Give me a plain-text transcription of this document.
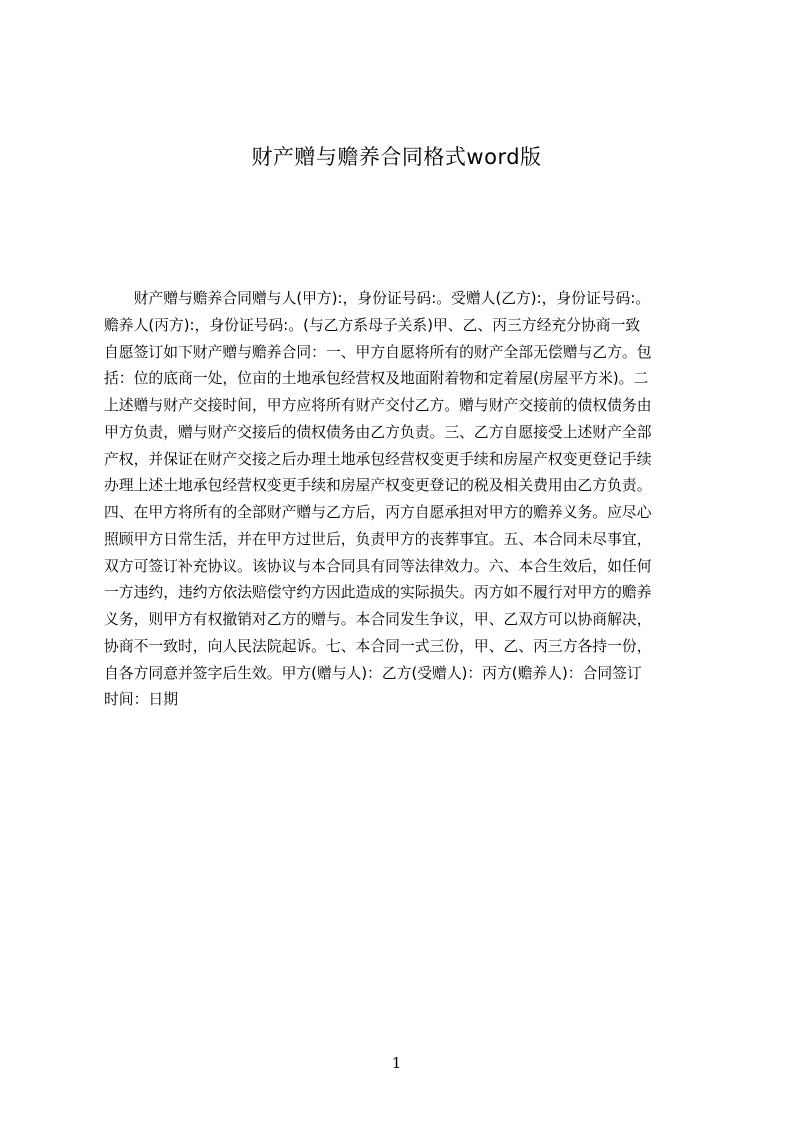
财产赠与赡养合同格式word版
　　财产赠与赡养合同赠与人(甲方):，身份证号码:。受赠人(乙方):，身份证号码:。
赡养人(丙方):，身份证号码:。(与乙方系母子关系)甲、乙、丙三方经充分协商一致
自愿签订如下财产赠与赡养合同：一、甲方自愿将所有的财产全部无偿赠与乙方。包
括：位的底商一处，位亩的土地承包经营权及地面附着物和定着屋(房屋平方米)。二
上述赠与财产交接时间，甲方应将所有财产交付乙方。赠与财产交接前的债权债务由
甲方负责，赠与财产交接后的债权债务由乙方负责。三、乙方自愿接受上述财产全部
产权，并保证在财产交接之后办理土地承包经营权变更手续和房屋产权变更登记手续
办理上述土地承包经营权变更手续和房屋产权变更登记的税及相关费用由乙方负责。
四、在甲方将所有的全部财产赠与乙方后，丙方自愿承担对甲方的赡养义务。应尽心
照顾甲方日常生活，并在甲方过世后，负责甲方的丧葬事宜。五、本合同未尽事宜，
双方可签订补充协议。该协议与本合同具有同等法律效力。六、本合生效后，如任何
一方违约，违约方依法赔偿守约方因此造成的实际损失。丙方如不履行对甲方的赡养
义务，则甲方有权撤销对乙方的赠与。本合同发生争议，甲、乙双方可以协商解决，
协商不一致时，向人民法院起诉。七、本合同一式三份，甲、乙、丙三方各持一份，
自各方同意并签字后生效。甲方(赠与人)：乙方(受赠人)：丙方(赡养人)：合同签订
时间：日期
1
